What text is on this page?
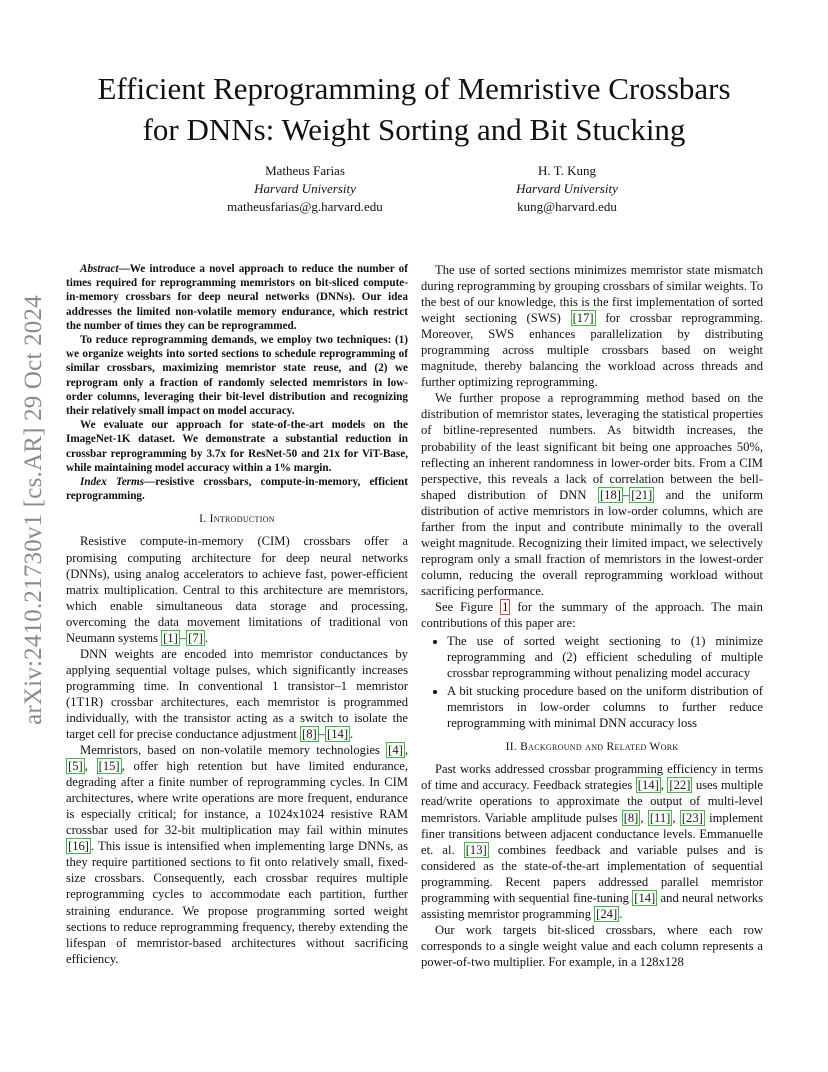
arXiv:2410.21730v1 [cs.AR] 29 Oct 2024
Efficient Reprogramming of Memristive Crossbars
for DNNs: Weight Sorting and Bit Stucking
Matheus Farias
Harvard University
matheusfarias@g.harvard.edu
H. T. Kung
Harvard University
kung@harvard.edu

Abstract—We introduce a novel approach to reduce the number of times required for reprogramming memristors on bit-sliced compute-in-memory crossbars for deep neural networks (DNNs). Our idea addresses the limited non-volatile memory endurance, which restrict the number of times they can be reprogrammed.

To reduce reprogramming demands, we employ two techniques: (1) we organize weights into sorted sections to schedule reprogramming of similar crossbars, maximizing memristor state reuse, and (2) we reprogram only a fraction of randomly selected memristors in low-order columns, leveraging their bit-level distribution and recognizing their relatively small impact on model accuracy.

We evaluate our approach for state-of-the-art models on the ImageNet-1K dataset. We demonstrate a substantial reduction in crossbar reprogramming by 3.7x for ResNet-50 and 21x for ViT-Base, while maintaining model accuracy within a 1% margin.

Index Terms—resistive crossbars, compute-in-memory, efficient reprogramming.

I. Introduction

Resistive compute-in-memory (CIM) crossbars offer a promising computing architecture for deep neural networks (DNNs), using analog accelerators to achieve fast, power-efficient matrix multiplication. Central to this architecture are memristors, which enable simultaneous data storage and processing, overcoming the data movement limitations of traditional von Neumann systems [1] – [7] .

DNN weights are encoded into memristor conductances by applying sequential voltage pulses, which significantly increases programming time. In conventional 1 transistor–1 memristor (1T1R) crossbar architectures, each memristor is programmed individually, with the transistor acting as a switch to isolate the target cell for precise conductance adjustment [8] – [14] .

Memristors, based on non-volatile memory technologies [4] , [5] , [15] , offer high retention but have limited endurance, degrading after a finite number of reprogramming cycles. In CIM architectures, where write operations are more frequent, endurance is especially critical; for instance, a 1024x1024 resistive RAM crossbar used for 32-bit multiplication may fail within minutes [16] . This issue is intensified when implementing large DNNs, as they require partitioned sections to fit onto relatively small, fixed-size crossbars. Consequently, each crossbar requires multiple reprogramming cycles to accommodate each partition, further straining endurance. We propose programming sorted weight sections to reduce reprogramming frequency, thereby extending the lifespan of memristor-based architectures without sacrificing efficiency.

The use of sorted sections minimizes memristor state mismatch during reprogramming by grouping crossbars of similar weights. To the best of our knowledge, this is the first implementation of sorted weight sectioning (SWS) [17] for crossbar reprogramming. Moreover, SWS enhances parallelization by distributing programming across multiple crossbars based on weight magnitude, thereby balancing the workload across threads and further optimizing reprogramming.

We further propose a reprogramming method based on the distribution of memristor states, leveraging the statistical properties of bitline-represented numbers. As bitwidth increases, the probability of the least significant bit being one approaches 50%, reflecting an inherent randomness in lower-order bits. From a CIM perspective, this reveals a lack of correlation between the bell-shaped distribution of DNN [18] – [21] and the uniform distribution of active memristors in low-order columns, which are farther from the input and contribute minimally to the overall weight magnitude. Recognizing their limited impact, we selectively reprogram only a small fraction of memristors in the lowest-order column, reducing the overall reprogramming workload without sacrificing performance.

See Figure 1 for the summary of the approach. The main contributions of this paper are:

• The use of sorted weight sectioning to (1) minimize reprogramming and (2) efficient scheduling of multiple crossbar reprogramming without penalizing model accuracy
• A bit stucking procedure based on the uniform distribution of memristors in low-order columns to further reduce reprogramming with minimal DNN accuracy loss
II. Background and Related Work

Past works addressed crossbar programming efficiency in terms of time and accuracy. Feedback strategies [14] , [22] uses multiple read/write operations to approximate the output of multi-level memristors. Variable amplitude pulses [8] , [11] , [23] implement finer transitions between adjacent conductance levels. Emmanuelle et. al. [13] combines feedback and variable pulses and is considered as the state-of-the-art implementation of sequential programming. Recent papers addressed parallel memristor programming with sequential fine-tuning [14] and neural networks assisting memristor programming [24] .

Our work targets bit-sliced crossbars, where each row corresponds to a single weight value and each column represents a power-of-two multiplier. For example, in a 128x128
